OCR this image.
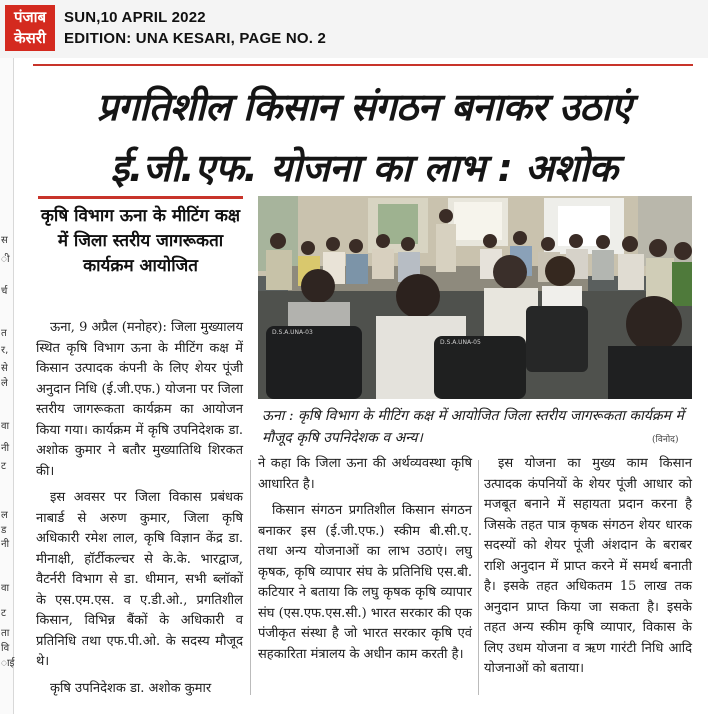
पंजाब
केसरी
SUN,10 APRIL 2022
EDITION: UNA KESARI, PAGE NO. 2
स
ी
र्च
त
र,
से
ले
वा
नी
ट
ल
ड
नी
वा
ट
ता
वि
ाई
प्रगतिशील किसान संगठन बनाकर उठाएं
ई.जी.एफ. योजना का लाभ : अशोक
कृषि विभाग ऊना के मीटिंग कक्ष में जिला स्तरीय जागरूकता कार्यक्रम आयोजित
D.S.A.UNA-03
D.S.A.UNA-05
ऊना : कृषि विभाग के मीटिंग कक्ष में आयोजित जिला स्तरीय जागरूकता कार्यक्रम में मौजूद कृषि उपनिदेशक व अन्य।	(विनोद)

ऊना, 9 अप्रैल (मनोहर): जिला मुख्यालय स्थित कृषि विभाग ऊना के मीटिंग कक्ष में किसान उत्पादक कंपनी के लिए शेयर पूंजी अनुदान निधि (ई.जी.एफ.) योजना पर जिला स्तरीय जागरूकता कार्यक्रम का आयोजन किया गया। कार्यक्रम में कृषि उपनिदेशक डा. अशोक कुमार ने बतौर मुख्यातिथि शिरकत की।

इस अवसर पर जिला विकास प्रबंधक नाबार्ड से अरुण कुमार, जिला कृषि अधिकारी रमेश लाल, कृषि विज्ञान केंद्र डा. मीनाक्षी, हॉर्टीकल्चर से के.के. भारद्वाज, वैटर्नरी विभाग से डा. धीमान, सभी ब्लॉकों के एस.एम.एस. व ए.डी.ओ., प्रगतिशील किसान, विभिन्न बैंकों के अधिकारी व प्रतिनिधि तथा एफ.पी.ओ. के सदस्य मौजूद थे।

कृषि उपनिदेशक डा. अशोक कुमार

ने कहा कि जिला ऊना की अर्थव्यवस्था कृषि आधारित है।

किसान संगठन प्रगतिशील किसान संगठन बनाकर इस (ई.जी.एफ.) स्कीम बी.सी.ए. तथा अन्य योजनाओं का लाभ उठाएं। लघु कृषक, कृषि व्यापार संघ के प्रतिनिधि एस.बी. कटियार ने बताया कि लघु कृषक कृषि व्यापार संघ (एस.एफ.एस.सी.) भारत सरकार की एक पंजीकृत संस्था है जो भारत सरकार कृषि एवं सहकारिता मंत्रालय के अधीन काम करती है।

इस योजना का मुख्य काम किसान उत्पादक कंपनियों के शेयर पूंजी आधार को मजबूत बनाने में सहायता प्रदान करना है जिसके तहत पात्र कृषक संगठन शेयर धारक सदस्यों को शेयर पूंजी अंशदान के बराबर राशि अनुदान में प्राप्त करने में समर्थ बनाती है। इसके तहत अधिकतम 15 लाख तक अनुदान प्राप्त किया जा सकता है। इसके तहत अन्य स्कीम कृषि व्यापार, विकास के लिए उधम योजना व ऋण गारंटी निधि आदि योजनाओं को बताया।
